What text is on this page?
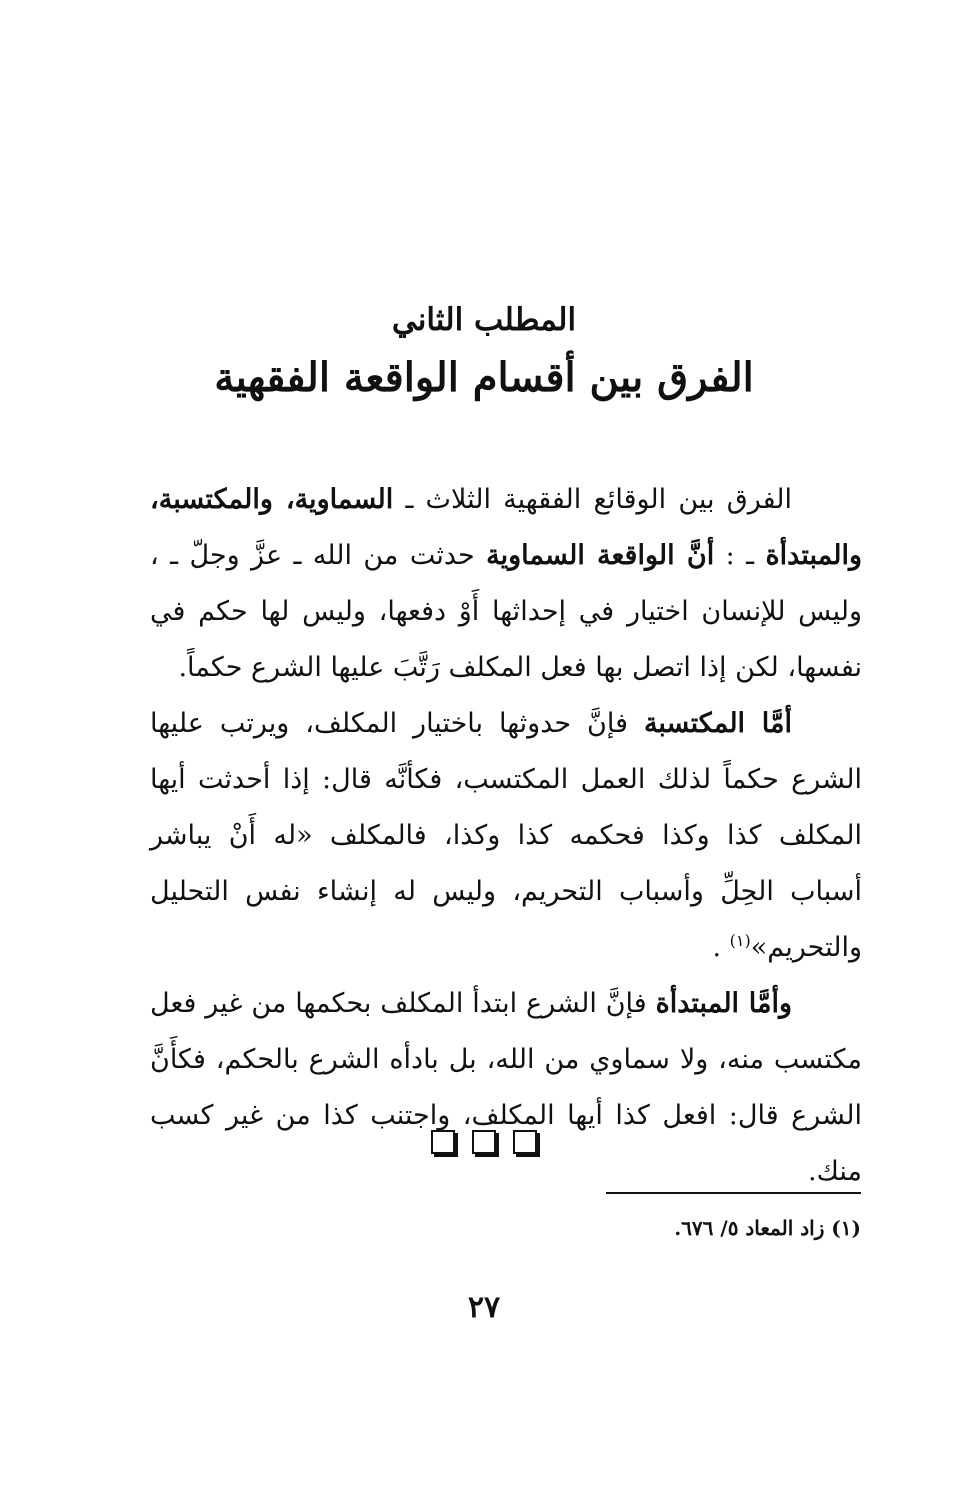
المطلب الثاني
الفرق بين أقسام الواقعة الفقهية

الفرق بين الوقائع الفقهية الثلاث ـ السماوية، والمكتسبة، والمبتدأة ـ : أنَّ الواقعة السماوية حدثت من الله ـ عزَّ وجلّ ـ ، وليس للإنسان اختيار في إحداثها أَوْ دفعها، وليس لها حكم في نفسها، لكن إذا اتصل بها فعل المكلف رَتَّبَ عليها الشرع حكماً.

أمَّا المكتسبة فإنَّ حدوثها باختيار المكلف، ويرتب عليها الشرع حكماً لذلك العمل المكتسب، فكأنَّه قال: إذا أحدثت أيها المكلف كذا وكذا فحكمه كذا وكذا، فالمكلف «له أَنْ يباشر أسباب الحِلِّ وأسباب التحريم، وليس له إنشاء نفس التحليل والتحريم»$^{(١)}$ .

وأمَّا المبتدأة فإنَّ الشرع ابتدأ المكلف بحكمها من غير فعل مكتسب منه، ولا سماوي من الله، بل بادأه الشرع بالحكم، فكأَنَّ الشرع قال: افعل كذا أيها المكلف، واجتنب كذا من غير كسب منك.

(١) زاد المعاد ٥/ ٦٧٦.
٢٧
